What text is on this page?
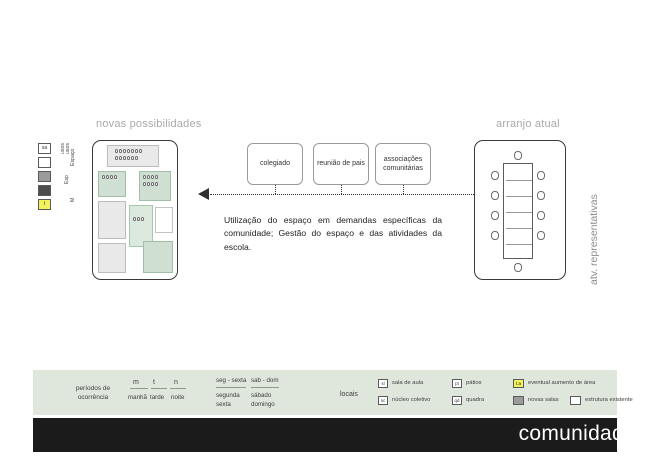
novas possibilidades	arranjo atual
atv. representativas
sa
t
usos usos
Espaço
Esp
M
colegiado	reunião de pais
associações comunitárias
Utilização do espaço em demandas específicas da comunidade; Gestão do espaço e das atividades da escola.
períodos de ocorrência
m t	n
manhã tarde noite
seg - sexta sab - dom
segunda sexta
sábado domingo
locais
sl	sala de aula
nc	núcleo coletivo
pt	pátios
qd	quadra
t.a	eventual aumento de área
novas salas	estrutura existente
comunidade
